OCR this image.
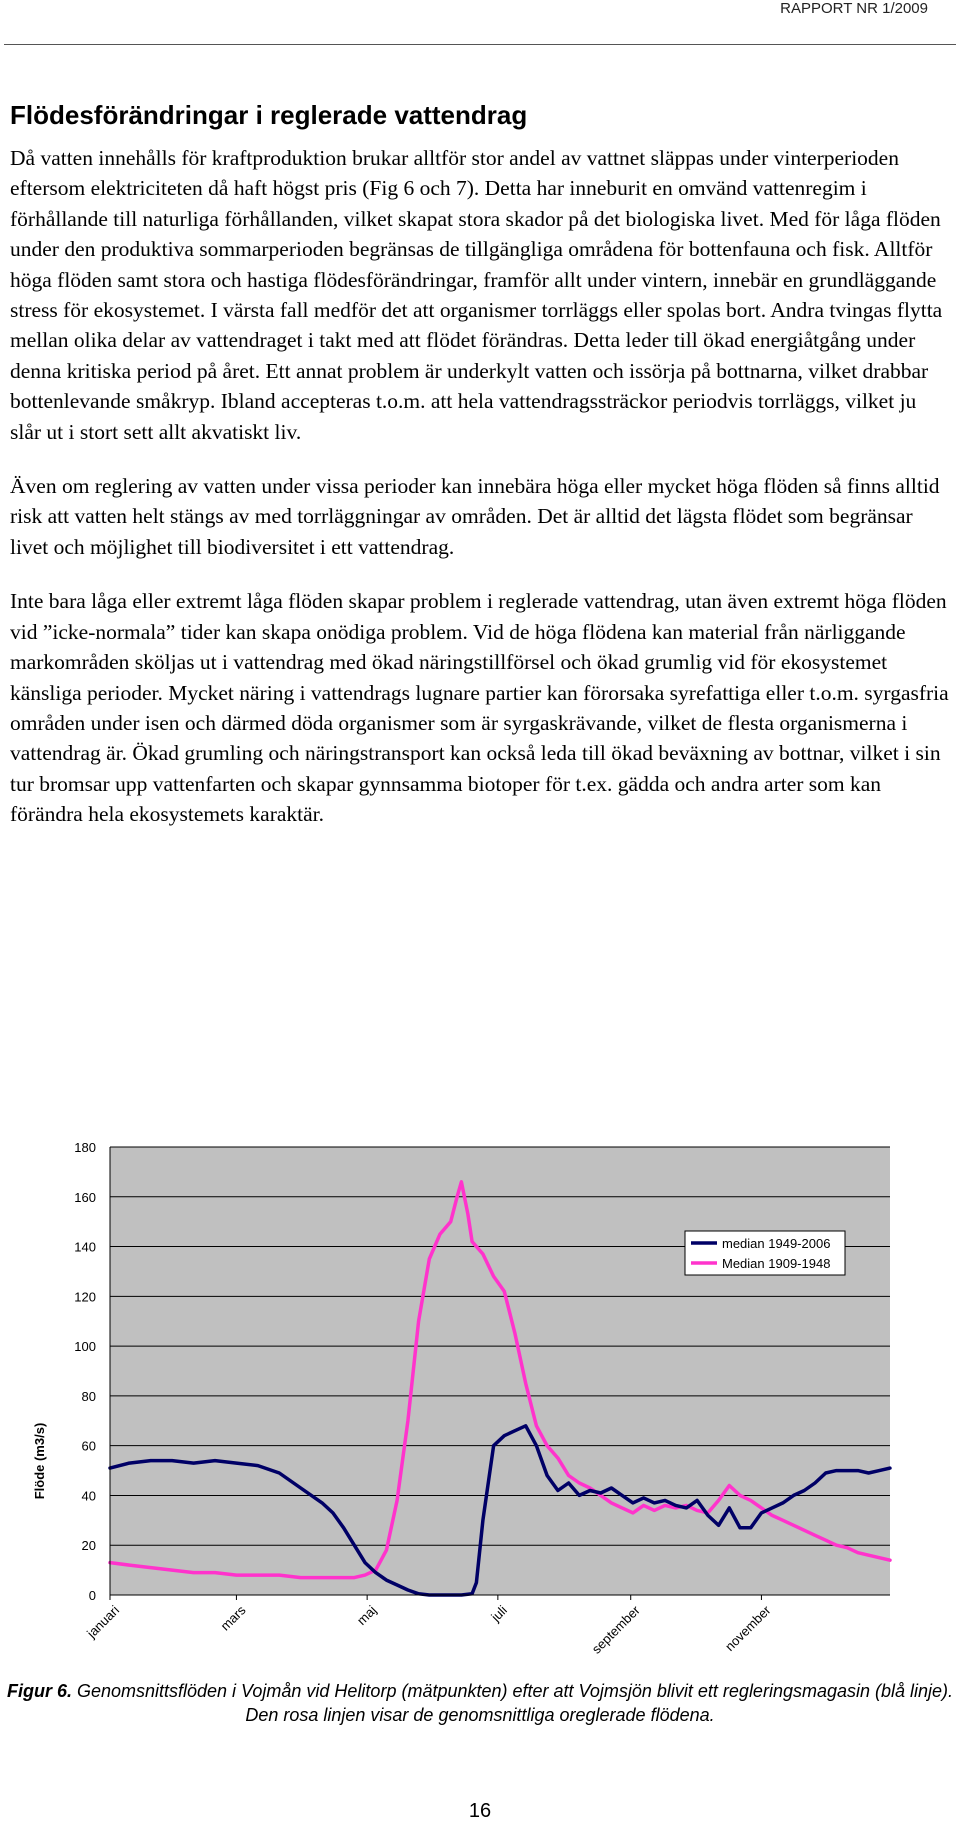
RAPPORT NR 1/2009
Flödesförändringar i reglerade vattendrag

Då vatten innehålls för kraftproduktion brukar alltför stor andel av vattnet släppas under vinterperioden eftersom elektriciteten då haft högst pris (Fig 6 och 7). Detta har inneburit en omvänd vattenregim i förhållande till naturliga förhållanden, vilket skapat stora skador på det biologiska livet. Med för låga flöden under den produktiva sommarperioden begränsas de tillgängliga områdena för bottenfauna och fisk. Alltför höga flöden samt stora och hastiga flödesförändringar, framför allt under vintern, innebär en grundläggande stress för ekosystemet. I värsta fall medför det att organismer torrläggs eller spolas bort. Andra tvingas flytta mellan olika delar av vattendraget i takt med att flödet förändras. Detta leder till ökad energiåtgång under denna kritiska period på året. Ett annat problem är underkylt vatten och issörja på bottnarna, vilket drabbar bottenlevande småkryp. Ibland accepteras t.o.m. att hela vattendragssträckor periodvis torrläggs, vilket ju slår ut i stort sett allt akvatiskt liv.

Även om reglering av vatten under vissa perioder kan innebära höga eller mycket höga flöden så finns alltid risk att vatten helt stängs av med torrläggningar av områden. Det är alltid det lägsta flödet som begränsar livet och möjlighet till biodiversitet i ett vattendrag.

Inte bara låga eller extremt låga flöden skapar problem i reglerade vattendrag, utan även extremt höga flöden vid ”icke-normala” tider kan skapa onödiga problem. Vid de höga flödena kan material från närliggande markområden sköljas ut i vattendrag med ökad näringstillförsel och ökad grumlig vid för ekosystemet känsliga perioder. Mycket näring i vattendrags lugnare partier kan förorsaka syrefattiga eller t.o.m. syrgasfria områden under isen och därmed döda organismer som är syrgaskrävande, vilket de flesta organismerna i vattendrag är. Ökad grumling och näringstransport kan också leda till ökad beväxning av bottnar, vilket i sin tur bromsar upp vattenfarten och skapar gynnsamma biotoper för t.ex. gädda och andra arter som kan förändra hela ekosystemets karaktär.

0
20
40
60
80
100
120
140
160
180
januari	mars	maj	juli	september	november
Flöde (m3/s)
median 1949-2006
Median 1909-1948
Figur 6. Genomsnittsflöden i Vojmån vid Helitorp (mätpunkten) efter att Vojmsjön blivit ett regleringsmagasin (blå linje). Den rosa linjen visar de genomsnittliga oreglerade flödena.
16
